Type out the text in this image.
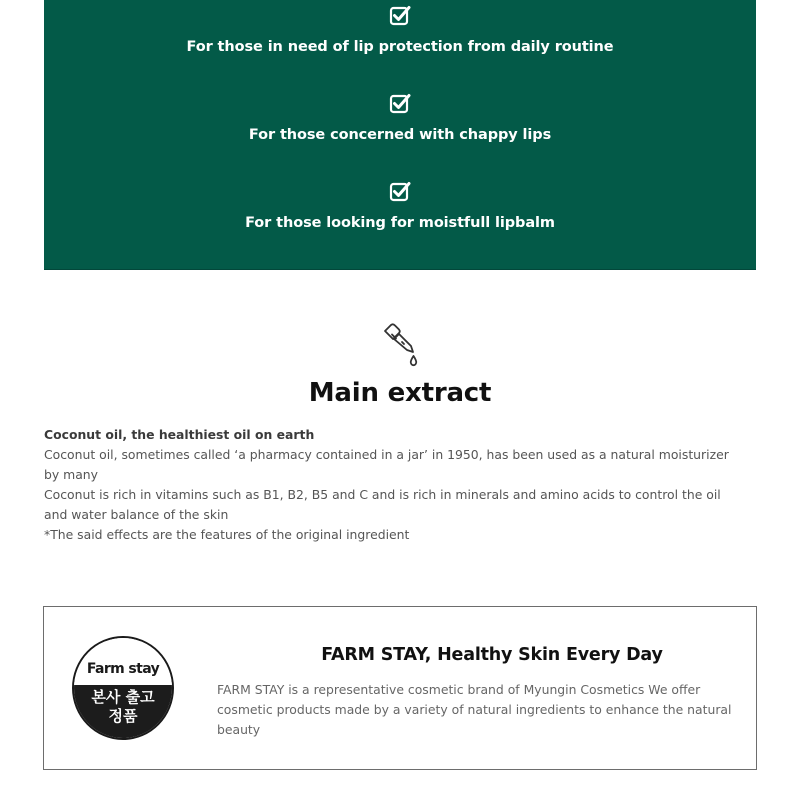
For those in need of lip protection from daily routine
For those concerned with chappy lips
For those looking for moistfull lipbalm
Main extract

Coconut oil, the healthiest oil on earth

Coconut oil, sometimes called ‘a pharmacy contained in a jar’ in 1950, has been used as a natural moisturizer by many

Coconut is rich in vitamins such as B1, B2, B5 and C and is rich in minerals and amino acids to control the oil and water balance of the skin

*The said effects are the features of the original ingredient

Farm stay
본사 출고
정품
FARM STAY, Healthy Skin Every Day

FARM STAY is a representative cosmetic brand of Myungin Cosmetics We offer cosmetic products made by a variety of natural ingredients to enhance the natural beauty
